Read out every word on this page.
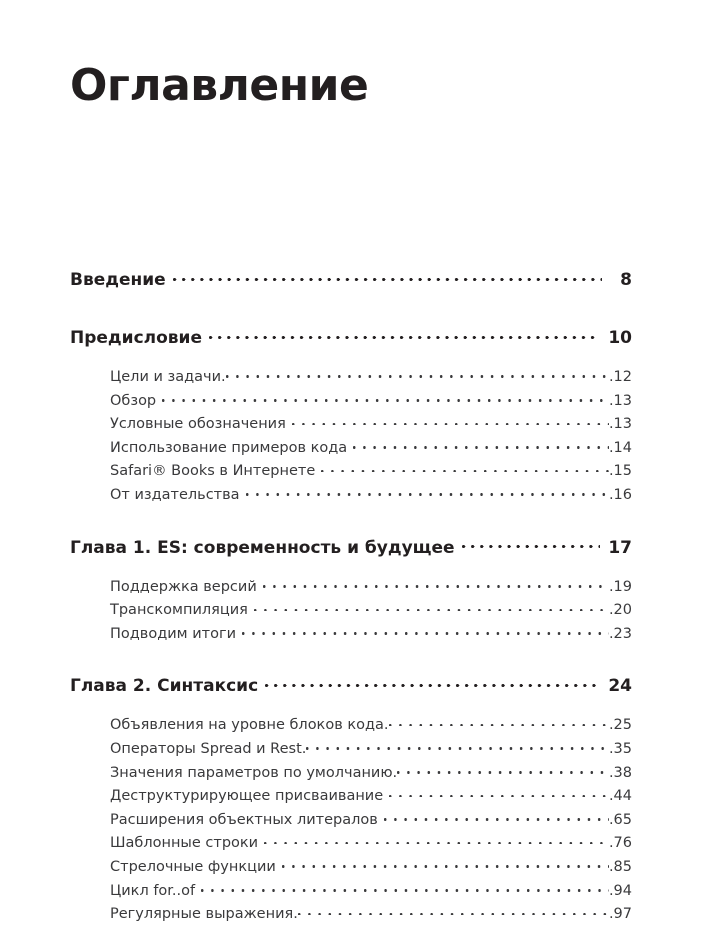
Оглавление
Введение	8
Предисловие	10
Цели и задачи.	.12
Обзор	.13
Условные обозначения	.13
Использование примеров кода	.14
Safari® Books в Интернете	.15
От издательства	.16
Глава 1. ES: современность и будущее	17
Поддержка версий	.19
Транскомпиляция	.20
Подводим итоги	.23
Глава 2. Синтаксис	24
Объявления на уровне блоков кода.	.25
Операторы Spread и Rest.	.35
Значения параметров по умолчанию.	.38
Деструктурирующее присваивание	.44
Расширения объектных литералов	.65
Шаблонные строки	.76
Стрелочные функции	.85
Цикл for..of	.94
Регулярные выражения.	.97
